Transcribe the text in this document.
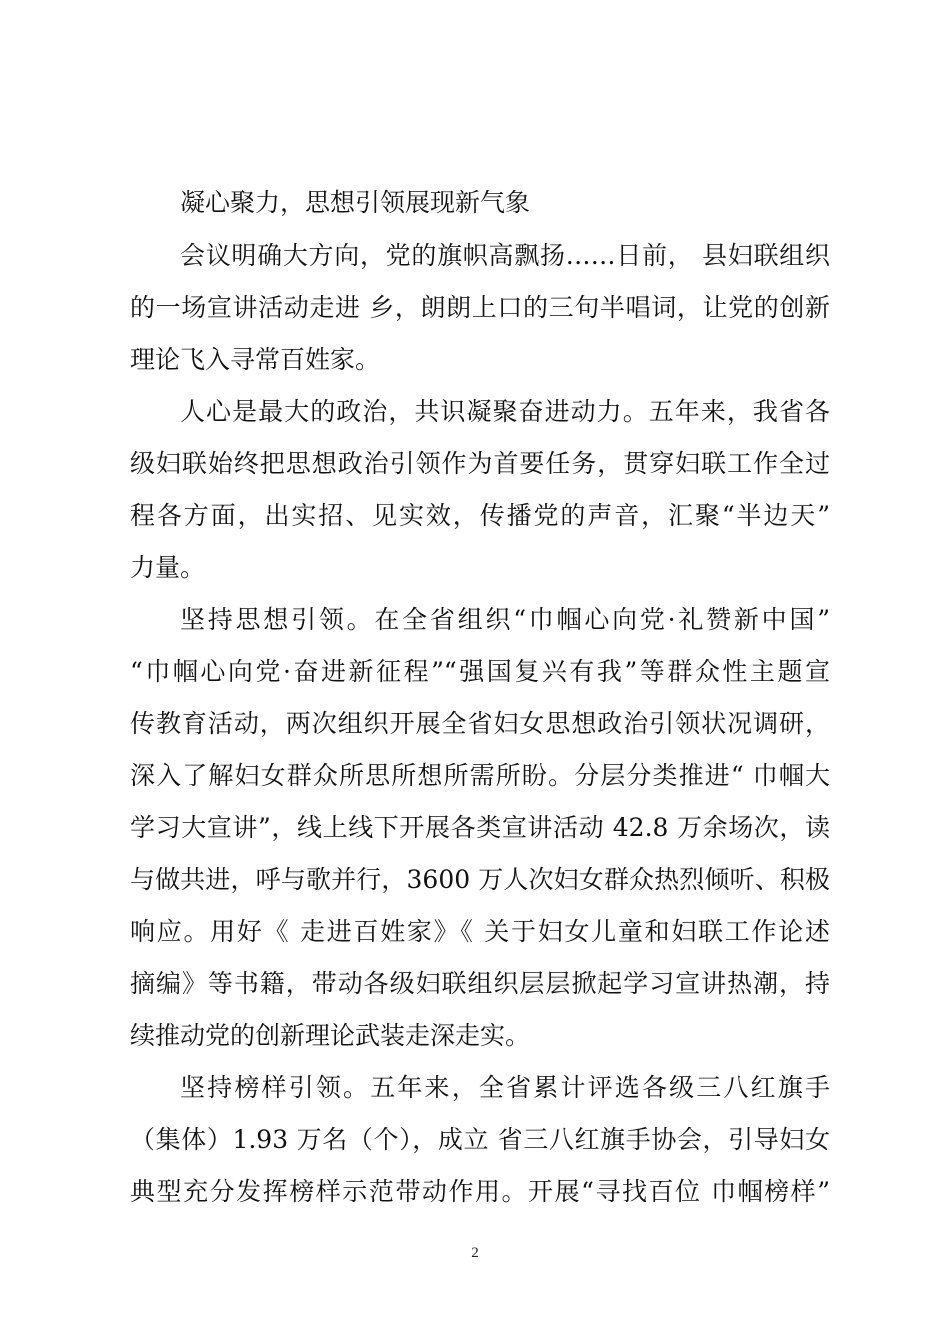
凝心聚力，思想引领展现新气象
会议明确大方向，党的旗帜高飘扬……日前， 县妇联组织
的一场宣讲活动走进 乡，朗朗上口的三句半唱词，让党的创新
理论飞入寻常百姓家。
人心是最大的政治，共识凝聚奋进动力。五年来，我省各
级妇联始终把思想政治引领作为首要任务，贯穿妇联工作全过
程各方面，出实招、见实效，传播党的声音，汇聚“半边天”
力量。
坚持思想引领。在全省组织“巾帼心向党·礼赞新中国”
“巾帼心向党·奋进新征程”“强国复兴有我”等群众性主题宣
传教育活动，两次组织开展全省妇女思想政治引领状况调研，
深入了解妇女群众所思所想所需所盼。分层分类推进“ 巾帼大
学习大宣讲”，线上线下开展各类宣讲活动 42.8 万余场次，读
与做共进，呼与歌并行，3600 万人次妇女群众热烈倾听、积极
响应。用好《 走进百姓家》《 关于妇女儿童和妇联工作论述
摘编》等书籍，带动各级妇联组织层层掀起学习宣讲热潮，持
续推动党的创新理论武装走深走实。
坚持榜样引领。五年来，全省累计评选各级三八红旗手
（集体）1.93 万名（个），成立 省三八红旗手协会，引导妇女
典型充分发挥榜样示范带动作用。开展“寻找百位 巾帼榜样”
2
